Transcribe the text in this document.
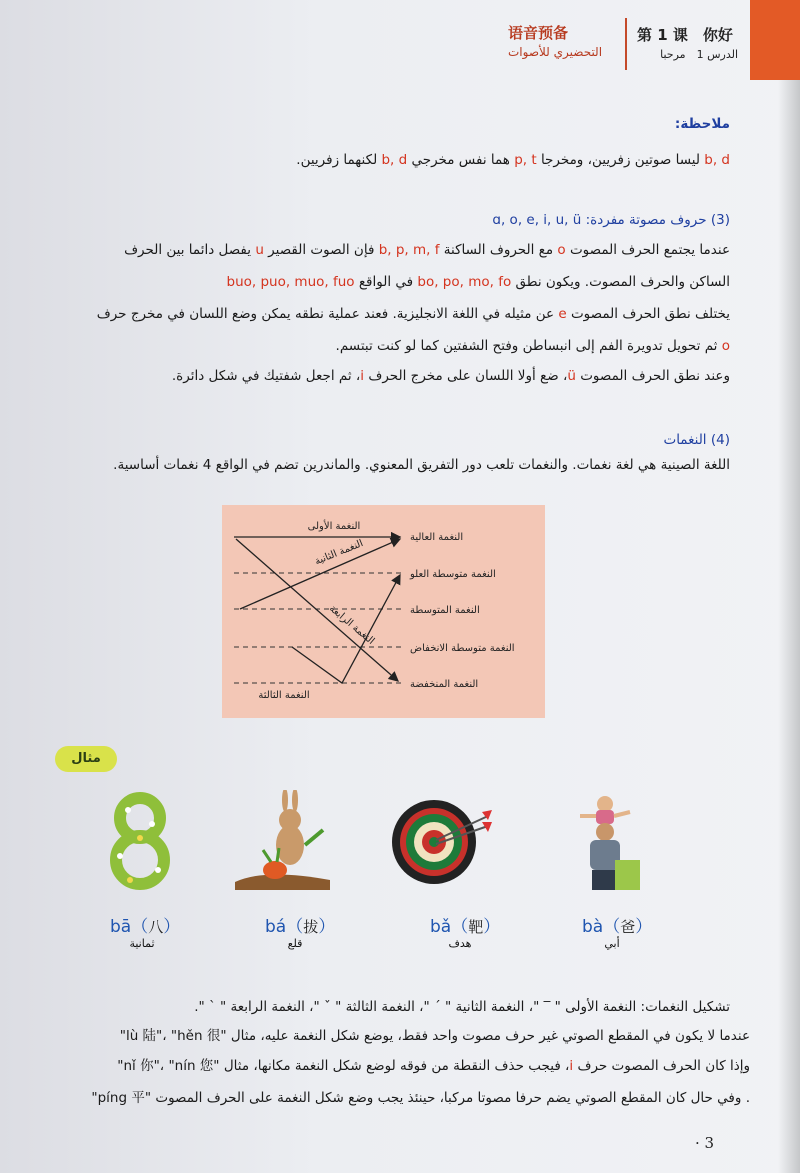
语音预备
التحضيري للأصوات
第 1 课　你好
الدرس 1　مرحبا
ملاحظة:
b, d ليسا صوتين زفريين، ومخرجا p, t هما نفس مخرجي b, d لكنهما زفريين.
(3) حروف مصوتة مفردة: ɑ, o, e, i, u, ü
عندما يجتمع الحرف المصوت o مع الحروف الساكنة b, p, m, f فإن الصوت القصير u يفصل دائما بين الحرف
الساكن والحرف المصوت. ويكون نطق bo, po, mo, fo في الواقع buo, puo, muo, fuo
يختلف نطق الحرف المصوت e عن مثيله في اللغة الانجليزية. فعند عملية نطقه يمكن وضع اللسان في مخرج حرف
o ثم تحويل تدويرة الفم إلى انبساطن وفتح الشفتين كما لو كنت تبتسم.
وعند نطق الحرف المصوت ü، ضع أولا اللسان على مخرج الحرف i، ثم اجعل شفتيك في شكل دائرة.
(4) النغمات
اللغة الصينية هي لغة نغمات. والنغمات تلعب دور التفريق المعنوي. والماندرين تضم في الواقع 4 نغمات أساسية.
النغمة الأولى
النغمة الثانية
النغمة الثالثة
النغمة الرابعة
النغمة العالية
النغمة متوسطة العلو
النغمة المتوسطة
النغمة متوسطة الانخفاض
النغمة المنخفضة
مثال
bā（八）
ثمانية
bá（拔）
قلع
bǎ（靶）
هدف
bà（爸）
أبي
تشكيل النغمات: النغمة الأولى " ‾ "، النغمة الثانية " ˊ "، النغمة الثالثة " ˇ "، النغمة الرابعة " ˋ ".
عندما لا يكون في المقطع الصوتي غير حرف مصوت واحد فقط، يوضع شكل النغمة عليه، مثال "lù 陆"، "hěn 很"
وإذا كان الحرف المصوت حرف i، فيجب حذف النقطة من فوقه لوضع شكل النغمة مكانها، مثال "nǐ 你"، "nín 您"
. وفي حال كان المقطع الصوتي يضم حرفا مصوتا مركبا، حينئذ يجب وضع شكل النغمة على الحرف المصوت "píng 平"
· 3
